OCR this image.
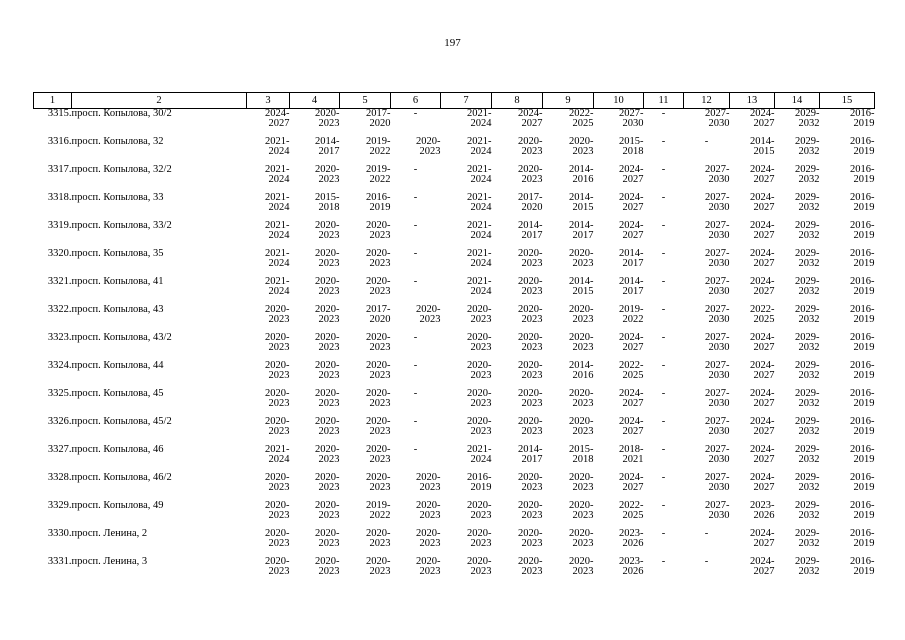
197
1	2	3	4	5	6	7	8	9	10	11	12	13	14	15
3315.	просп. Копылова, 30/2	2024-
2027	2020-
2023	2017-
2020	-	2021-
2024	2024-
2027	2022-
2025	2027-
2030	-	2027-
2030	2024-
2027	2029-
2032	2016-
2019
3316.	просп. Копылова, 32	2021-
2024	2014-
2017	2019-
2022	2020-
2023	2021-
2024	2020-
2023	2020-
2023	2015-
2018	-	-	2014-
2015	2029-
2032	2016-
2019
3317.	просп. Копылова, 32/2	2021-
2024	2020-
2023	2019-
2022	-	2021-
2024	2020-
2023	2014-
2016	2024-
2027	-	2027-
2030	2024-
2027	2029-
2032	2016-
2019
3318.	просп. Копылова, 33	2021-
2024	2015-
2018	2016-
2019	-	2021-
2024	2017-
2020	2014-
2015	2024-
2027	-	2027-
2030	2024-
2027	2029-
2032	2016-
2019
3319.	просп. Копылова, 33/2	2021-
2024	2020-
2023	2020-
2023	-	2021-
2024	2014-
2017	2014-
2017	2024-
2027	-	2027-
2030	2024-
2027	2029-
2032	2016-
2019
3320.	просп. Копылова, 35	2021-
2024	2020-
2023	2020-
2023	-	2021-
2024	2020-
2023	2020-
2023	2014-
2017	-	2027-
2030	2024-
2027	2029-
2032	2016-
2019
3321.	просп. Копылова, 41	2021-
2024	2020-
2023	2020-
2023	-	2021-
2024	2020-
2023	2014-
2015	2014-
2017	-	2027-
2030	2024-
2027	2029-
2032	2016-
2019
3322.	просп. Копылова, 43	2020-
2023	2020-
2023	2017-
2020	2020-
2023	2020-
2023	2020-
2023	2020-
2023	2019-
2022	-	2027-
2030	2022-
2025	2029-
2032	2016-
2019
3323.	просп. Копылова, 43/2	2020-
2023	2020-
2023	2020-
2023	-	2020-
2023	2020-
2023	2020-
2023	2024-
2027	-	2027-
2030	2024-
2027	2029-
2032	2016-
2019
3324.	просп. Копылова, 44	2020-
2023	2020-
2023	2020-
2023	-	2020-
2023	2020-
2023	2014-
2016	2022-
2025	-	2027-
2030	2024-
2027	2029-
2032	2016-
2019
3325.	просп. Копылова, 45	2020-
2023	2020-
2023	2020-
2023	-	2020-
2023	2020-
2023	2020-
2023	2024-
2027	-	2027-
2030	2024-
2027	2029-
2032	2016-
2019
3326.	просп. Копылова, 45/2	2020-
2023	2020-
2023	2020-
2023	-	2020-
2023	2020-
2023	2020-
2023	2024-
2027	-	2027-
2030	2024-
2027	2029-
2032	2016-
2019
3327.	просп. Копылова, 46	2021-
2024	2020-
2023	2020-
2023	-	2021-
2024	2014-
2017	2015-
2018	2018-
2021	-	2027-
2030	2024-
2027	2029-
2032	2016-
2019
3328.	просп. Копылова, 46/2	2020-
2023	2020-
2023	2020-
2023	2020-
2023	2016-
2019	2020-
2023	2020-
2023	2024-
2027	-	2027-
2030	2024-
2027	2029-
2032	2016-
2019
3329.	просп. Копылова, 49	2020-
2023	2020-
2023	2019-
2022	2020-
2023	2020-
2023	2020-
2023	2020-
2023	2022-
2025	-	2027-
2030	2023-
2026	2029-
2032	2016-
2019
3330.	просп. Ленина, 2	2020-
2023	2020-
2023	2020-
2023	2020-
2023	2020-
2023	2020-
2023	2020-
2023	2023-
2026	-	-	2024-
2027	2029-
2032	2016-
2019
3331.	просп. Ленина, 3	2020-
2023	2020-
2023	2020-
2023	2020-
2023	2020-
2023	2020-
2023	2020-
2023	2023-
2026	-	-	2024-
2027	2029-
2032	2016-
2019
